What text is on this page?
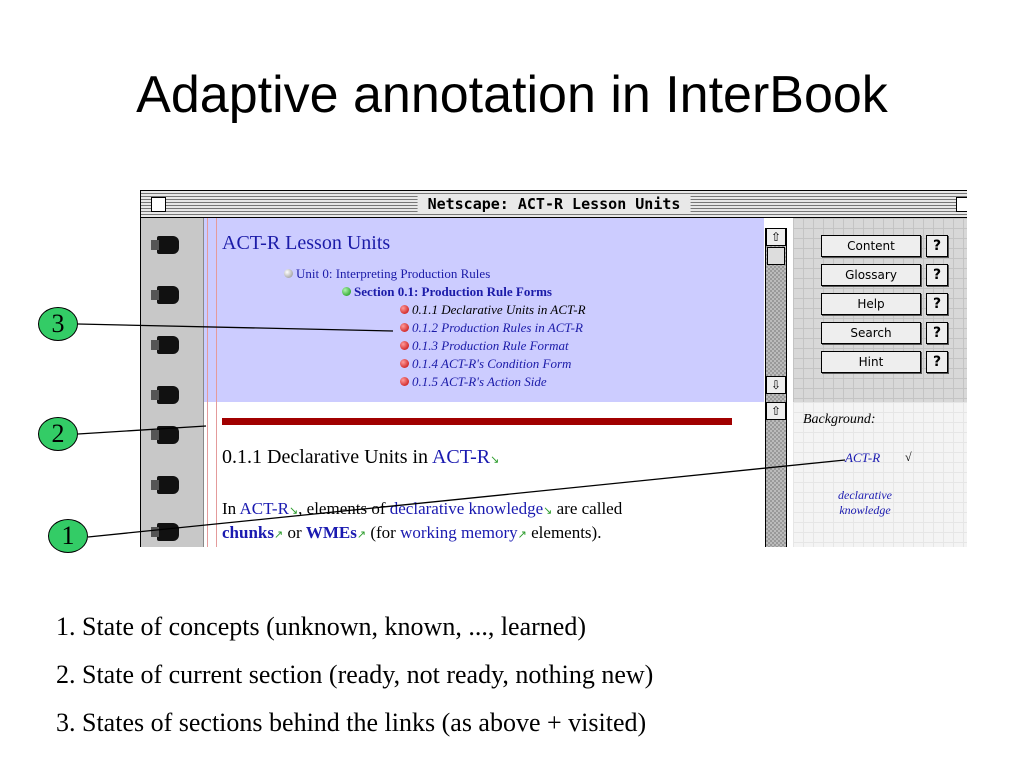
Adaptive annotation in InterBook
Netscape: ACT-R Lesson Units
ACT-R Lesson Units
Unit 0: Interpreting Production Rules
Section 0.1: Production Rule Forms
0.1.1 Declarative Units in ACT-R
0.1.2 Production Rules in ACT-R
0.1.3 Production Rule Format
0.1.4 ACT-R's Condition Form
0.1.5 ACT-R's Action Side
⇧
⇩
Content	?
Glossary	?
Help	?
Search	?
Hint	?
0.1.1 Declarative Units in ACT-R↘
In ACT-R↘, elements of declarative knowledge↘ are called
chunks↗ or WMEs↗ (for working memory↗ elements).
⇧
Background:
ACT-R √
declarative knowledge
3
2
1
1. State of concepts (unknown, known, ..., learned)
2. State of current section (ready, not ready, nothing new)
3. States of sections behind the links (as above + visited)
